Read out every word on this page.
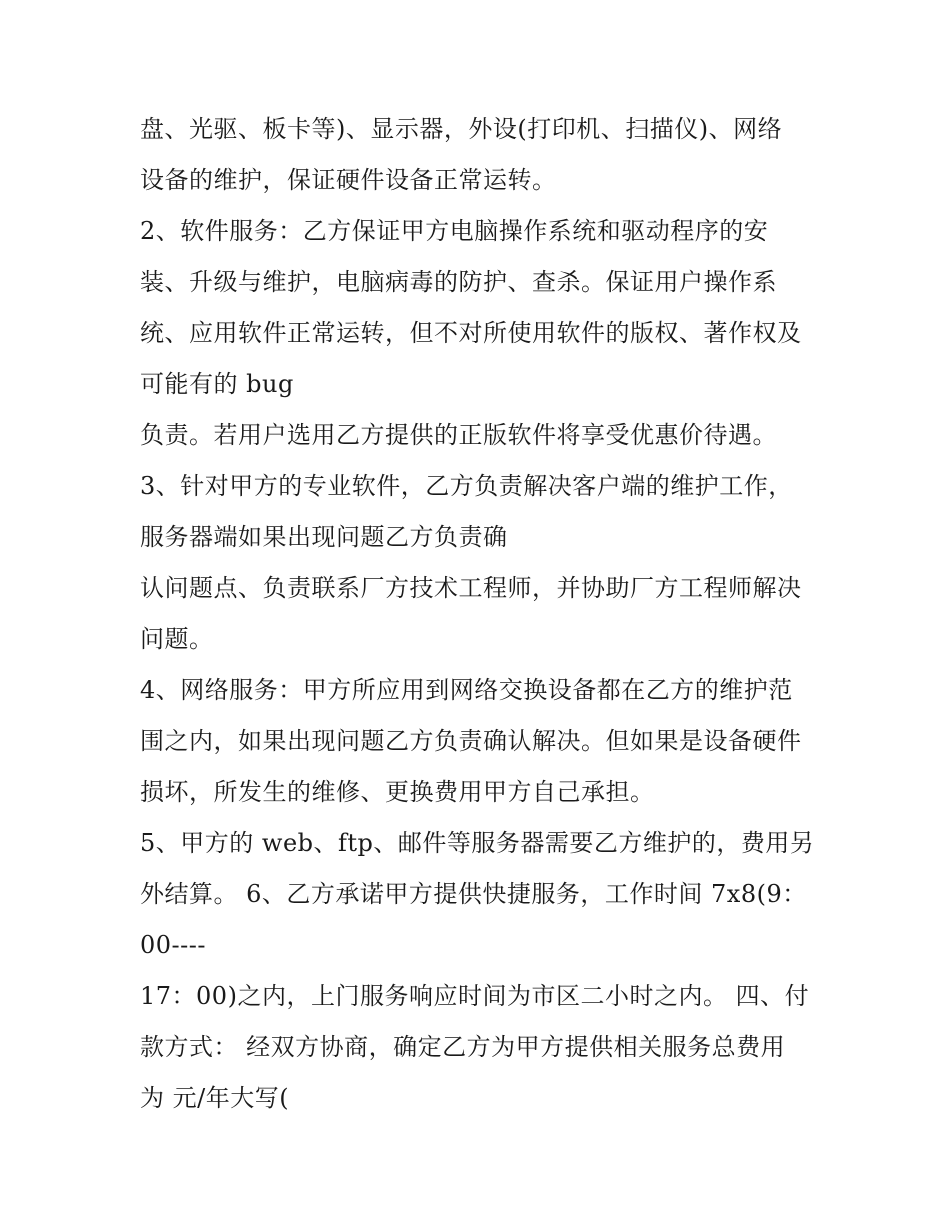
盘、光驱、板卡等)、显示器，外设(打印机、扫描仪)、网络
设备的维护，保证硬件设备正常运转。
2、软件服务：乙方保证甲方电脑操作系统和驱动程序的安
装、升级与维护，电脑病毒的防护、查杀。保证用户操作系
统、应用软件正常运转，但不对所使用软件的版权、著作权及
可能有的 bug
负责。若用户选用乙方提供的正版软件将享受优惠价待遇。
3、针对甲方的专业软件，乙方负责解决客户端的维护工作，
服务器端如果出现问题乙方负责确
认问题点、负责联系厂方技术工程师，并协助厂方工程师解决
问题。
4、网络服务：甲方所应用到网络交换设备都在乙方的维护范
围之内，如果出现问题乙方负责确认解决。但如果是设备硬件
损坏，所发生的维修、更换费用甲方自己承担。
5、甲方的 web、ftp、邮件等服务器需要乙方维护的，费用另
外结算。 6、乙方承诺甲方提供快捷服务，工作时间 7x8(9：
00----
17：00)之内，上门服务响应时间为市区二小时之内。 四、付
款方式： 经双方协商，确定乙方为甲方提供相关服务总费用
为 元/年大写(
